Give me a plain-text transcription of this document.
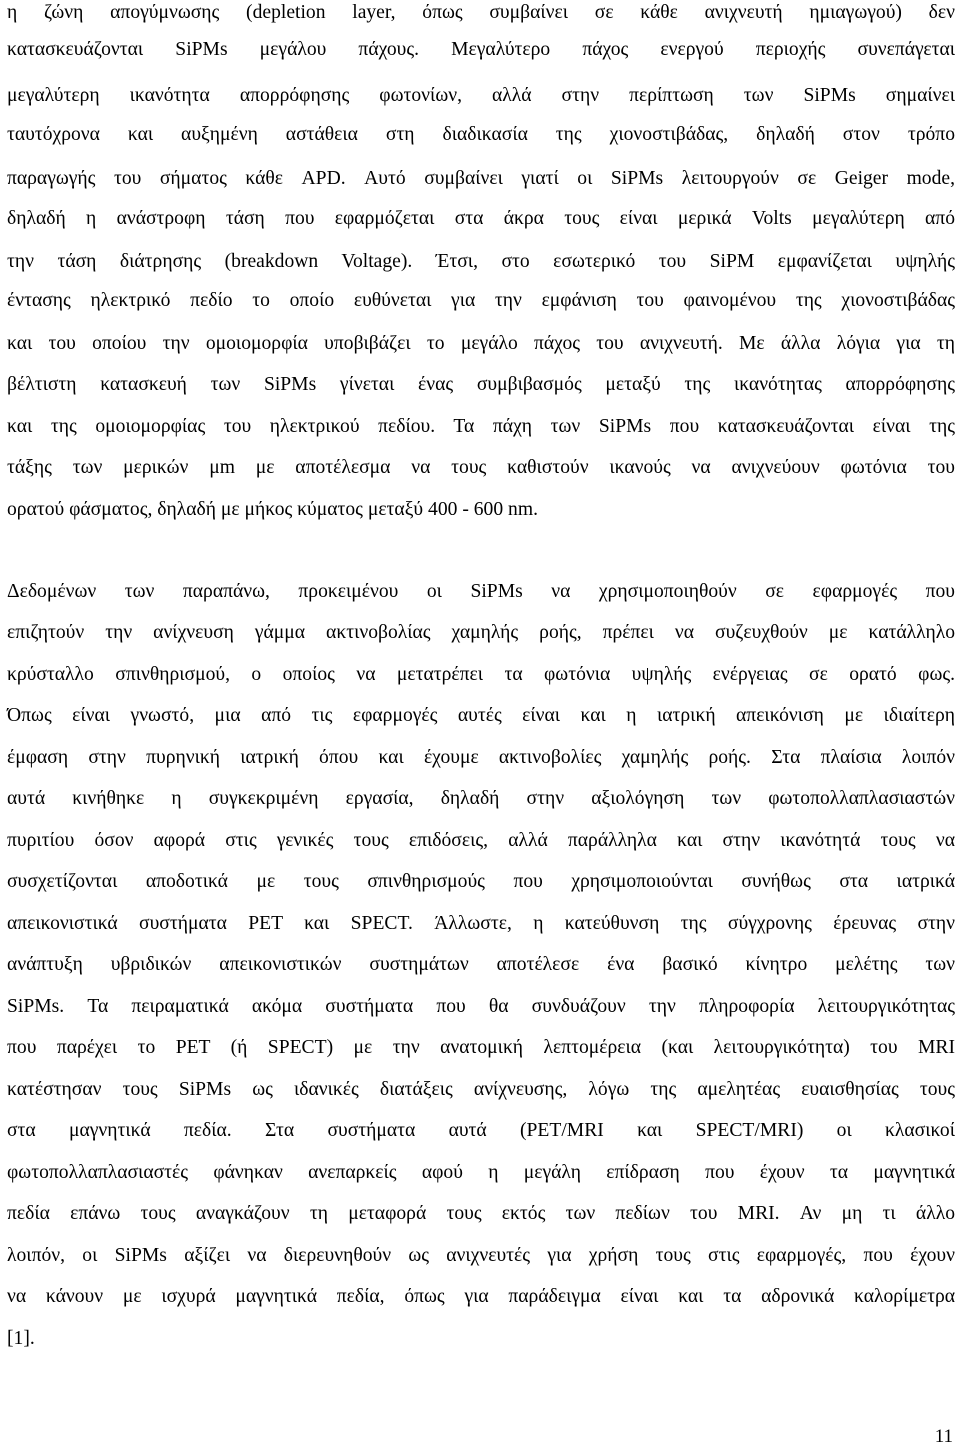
η ζώνη απογύμνωσης (depletion layer, όπως συμβαίνει σε κάθε ανιχνευτή ημιαγωγού) δεν
κατασκευάζονται SiPMs μεγάλου πάχους. Μεγαλύτερο πάχος ενεργού περιοχής συνεπάγεται
μεγαλύτερη ικανότητα απορρόφησης φωτονίων, αλλά στην περίπτωση των SiPMs σημαίνει
ταυτόχρονα και αυξημένη αστάθεια στη διαδικασία της χιονοστιβάδας, δηλαδή στον τρόπο
παραγωγής του σήματος κάθε APD. Αυτό συμβαίνει γιατί οι SiPMs λειτουργούν σε Geiger mode,
δηλαδή η ανάστροφη τάση που εφαρμόζεται στα άκρα τους είναι μερικά Volts μεγαλύτερη από
την τάση διάτρησης (breakdown Voltage). Έτσι, στο εσωτερικό του SiPM εμφανίζεται υψηλής
έντασης ηλεκτρικό πεδίο το οποίο ευθύνεται για την εμφάνιση του φαινομένου της χιονοστιβάδας
και του οποίου την ομοιομορφία υποβιβάζει το μεγάλο πάχος του ανιχνευτή. Με άλλα λόγια για τη
βέλτιστη κατασκευή των SiPMs γίνεται ένας συμβιβασμός μεταξύ της ικανότητας απορρόφησης
και της ομοιομορφίας του ηλεκτρικού πεδίου. Τα πάχη των SiPMs που κατασκευάζονται είναι της
τάξης των μερικών μm με αποτέλεσμα να τους καθιστούν ικανούς να ανιχνεύουν φωτόνια του
ορατού φάσματος, δηλαδή με μήκος κύματος μεταξύ 400 - 600 nm.
Δεδομένων των παραπάνω, προκειμένου οι SiPMs να χρησιμοποιηθούν σε εφαρμογές που
επιζητούν την ανίχνευση γάμμα ακτινοβολίας χαμηλής ροής, πρέπει να συζευχθούν με κατάλληλο
κρύσταλλο σπινθηρισμού, ο οποίος να μετατρέπει τα φωτόνια υψηλής ενέργειας σε ορατό φως.
Όπως είναι γνωστό, μια από τις εφαρμογές αυτές είναι και η ιατρική απεικόνιση με ιδιαίτερη
έμφαση στην πυρηνική ιατρική όπου και έχουμε ακτινοβολίες χαμηλής ροής. Στα πλαίσια λοιπόν
αυτά κινήθηκε η συγκεκριμένη εργασία, δηλαδή στην αξιολόγηση των φωτοπολλαπλασιαστών
πυριτίου όσον αφορά στις γενικές τους επιδόσεις, αλλά παράλληλα και στην ικανότητά τους να
συσχετίζονται αποδοτικά με τους σπινθηρισμούς που χρησιμοποιούνται συνήθως στα ιατρικά
απεικονιστικά συστήματα PET και SPECT. Άλλωστε, η κατεύθυνση της σύγχρονης έρευνας στην
ανάπτυξη υβριδικών απεικονιστικών συστημάτων αποτέλεσε ένα βασικό κίνητρο μελέτης των
SiPMs. Τα πειραματικά ακόμα συστήματα που θα συνδυάζουν την πληροφορία λειτουργικότητας
που παρέχει το PET (ή SPECT) με την ανατομική λεπτομέρεια (και λειτουργικότητα) του MRI
κατέστησαν τους SiPMs ως ιδανικές διατάξεις ανίχνευσης, λόγω της αμελητέας ευαισθησίας τους
στα μαγνητικά πεδία. Στα συστήματα αυτά (PET/MRI και SPECT/MRI) οι κλασικοί
φωτοπολλαπλασιαστές φάνηκαν ανεπαρκείς αφού η μεγάλη επίδραση που έχουν τα μαγνητικά
πεδία επάνω τους αναγκάζουν τη μεταφορά τους εκτός των πεδίων του MRI. Αν μη τι άλλο
λοιπόν, οι SiPMs αξίζει να διερευνηθούν ως ανιχνευτές για χρήση τους στις εφαρμογές, που έχουν
να κάνουν με ισχυρά μαγνητικά πεδία, όπως για παράδειγμα είναι και τα αδρονικά καλορίμετρα
[1].
11
